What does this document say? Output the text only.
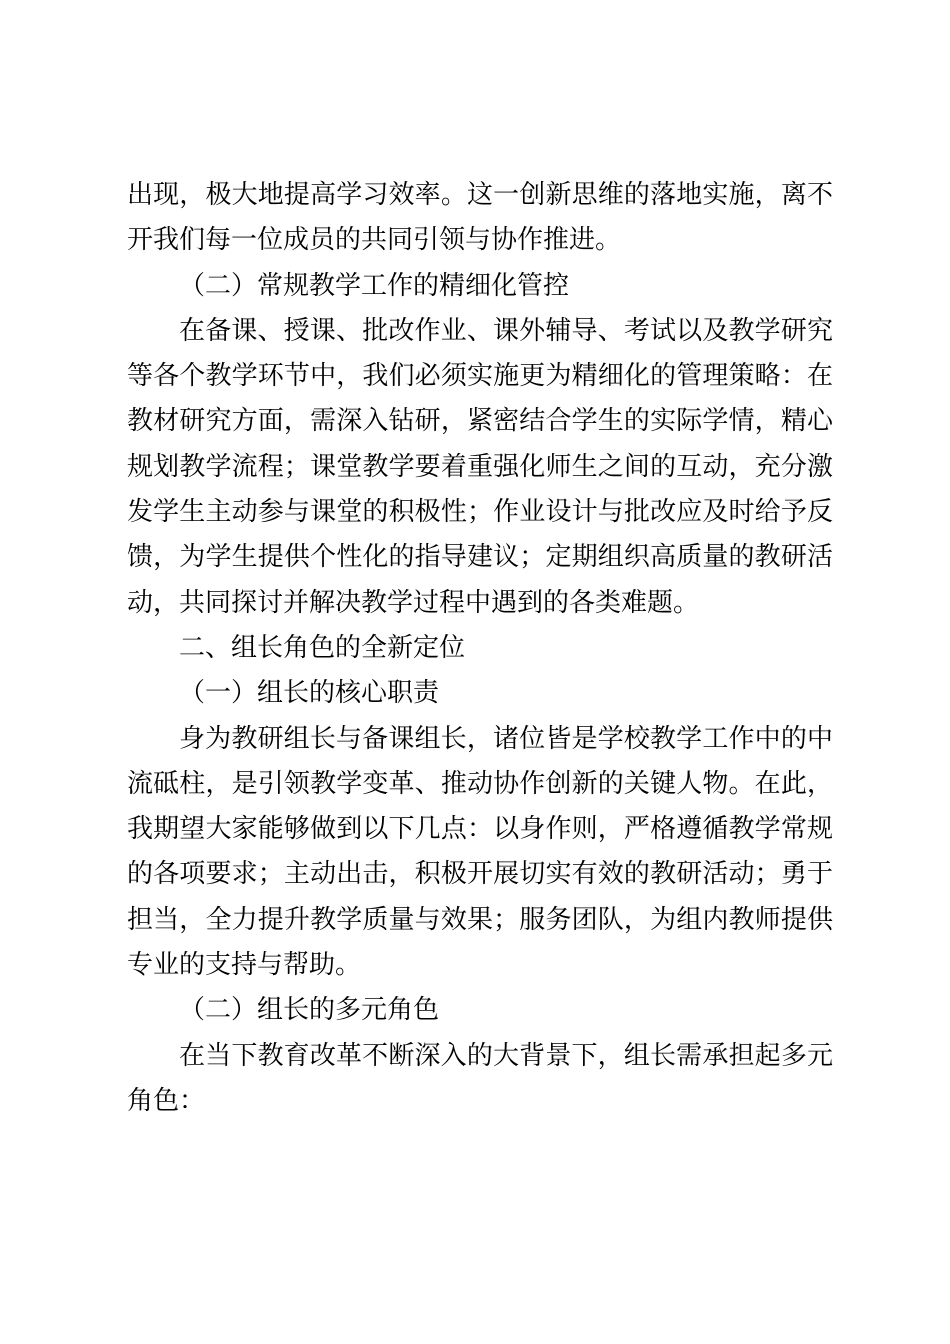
出现，极大地提高学习效率。这一创新思维的落地实施，离不
开我们每一位成员的共同引领与协作推进。
（二）常规教学工作的精细化管控
在备课、授课、批改作业、课外辅导、考试以及教学研究
等各个教学环节中，我们必须实施更为精细化的管理策略：在
教材研究方面，需深入钻研，紧密结合学生的实际学情，精心
规划教学流程；课堂教学要着重强化师生之间的互动，充分激
发学生主动参与课堂的积极性；作业设计与批改应及时给予反
馈，为学生提供个性化的指导建议；定期组织高质量的教研活
动，共同探讨并解决教学过程中遇到的各类难题。
二、组长角色的全新定位
（一）组长的核心职责
身为教研组长与备课组长，诸位皆是学校教学工作中的中
流砥柱，是引领教学变革、推动协作创新的关键人物。在此，
我期望大家能够做到以下几点：以身作则，严格遵循教学常规
的各项要求；主动出击，积极开展切实有效的教研活动；勇于
担当，全力提升教学质量与效果；服务团队，为组内教师提供
专业的支持与帮助。
（二）组长的多元角色
在当下教育改革不断深入的大背景下，组长需承担起多元
角色：
